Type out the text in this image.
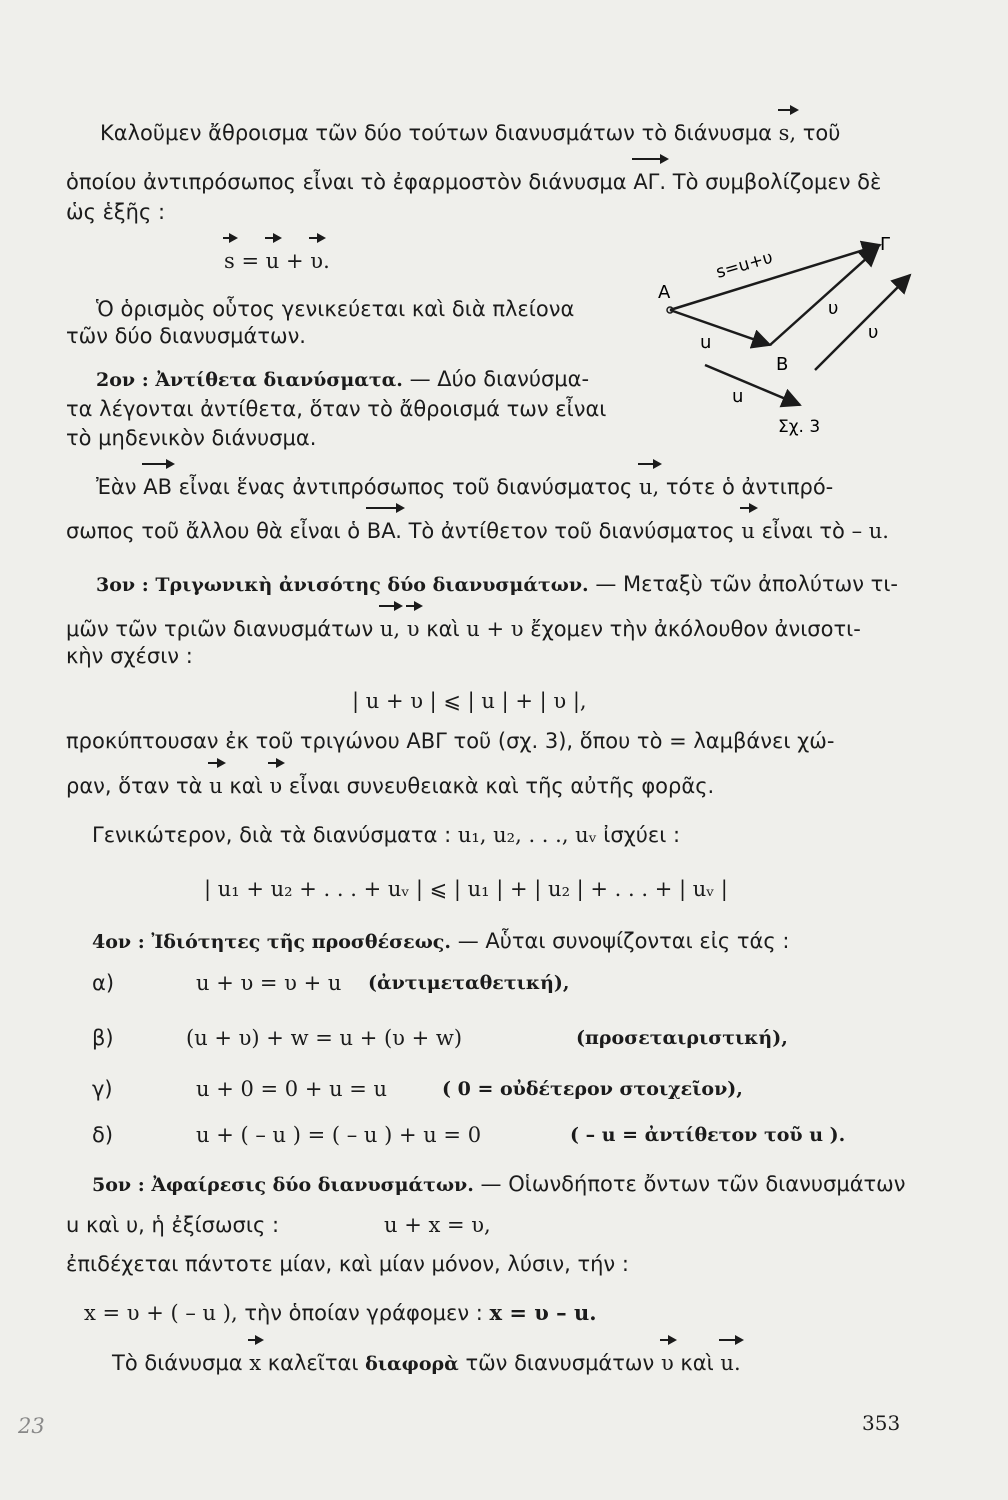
Καλοῦμεν ἄθροισμα τῶν δύο τούτων διανυσμάτων τὸ διάνυσμα s, τοῦ
ὁποίου ἀντιπρόσωπος εἶναι τὸ ἐφαρμοστὸν διάνυσμα ΑΓ. Τὸ συμβολίζομεν δὲ
ὡς ἑξῆς :
s = u + υ.
Ὁ ὁρισμὸς οὗτος γενικεύεται καὶ διὰ πλείονα
τῶν δύο διανυσμάτων.
2ον : Ἀντίθετα διανύσματα. — Δύο διανύσμα-
τα λέγονται ἀντίθετα, ὅταν τὸ ἄθροισμά των εἶναι
τὸ μηδενικὸν διάνυσμα.
A
B
Γ
s=u+υ
υ
υ
u
u
Σχ. 3
Ἐὰν AB εἶναι ἕνας ἀντιπρόσωπος τοῦ διανύσματος u, τότε ὁ ἀντιπρό-
σωπος τοῦ ἄλλου θὰ εἶναι ὁ BA. Τὸ ἀντίθετον τοῦ διανύσματος u εἶναι τὸ – u.
3ον : Τριγωνικὴ ἀνισότης δύο διανυσμάτων. — Μεταξὺ τῶν ἀπολύτων τι-
μῶν τῶν τριῶν διανυσμάτων u, υ καὶ u + υ ἔχομεν τὴν ἀκόλουθον ἀνισοτι-
κὴν σχέσιν :
| u + υ | ⩽ | u | + | υ |,
προκύπτουσαν ἐκ τοῦ τριγώνου ΑΒΓ τοῦ (σχ. 3), ὅπου τὸ = λαμβάνει χώ-
ραν, ὅταν τὰ u καὶ υ εἶναι συνευθειακὰ καὶ τῆς αὐτῆς φορᾶς.
Γενικώτερον, διὰ τὰ διανύσματα : u₁, u₂, . . ., uᵥ ἰσχύει :
| u₁ + u₂ + . . . + uᵥ | ⩽ | u₁ | + | u₂ | + . . . + | uᵥ |
4ον : Ἰδιότητες τῆς προσθέσεως. — Αὗται συνοψίζονται εἰς τάς :
α)	u + υ = υ + u (ἀντιμεταθετική),
β)	(u + υ) + w = u + (υ + w)	(προσεταιριστική),
γ)	u + 0 = 0 + u = u	( 0 = οὐδέτερον στοιχεῖον),
δ)	u + ( – u ) = ( – u ) + u = 0	( – u = ἀντίθετον τοῦ u ).
5ον : Ἀφαίρεσις δύο διανυσμάτων. — Οἱωνδήποτε ὄντων τῶν διανυσμάτων
u καὶ υ, ἡ ἐξίσωσις :	u + x = υ,
ἐπιδέχεται πάντοτε μίαν, καὶ μίαν μόνον, λύσιν, τήν :
x = υ + ( – u ), τὴν ὁποίαν γράφομεν : x = υ – u.
Τὸ διάνυσμα x καλεῖται διαφορὰ τῶν διανυσμάτων υ καὶ u.
23	353
